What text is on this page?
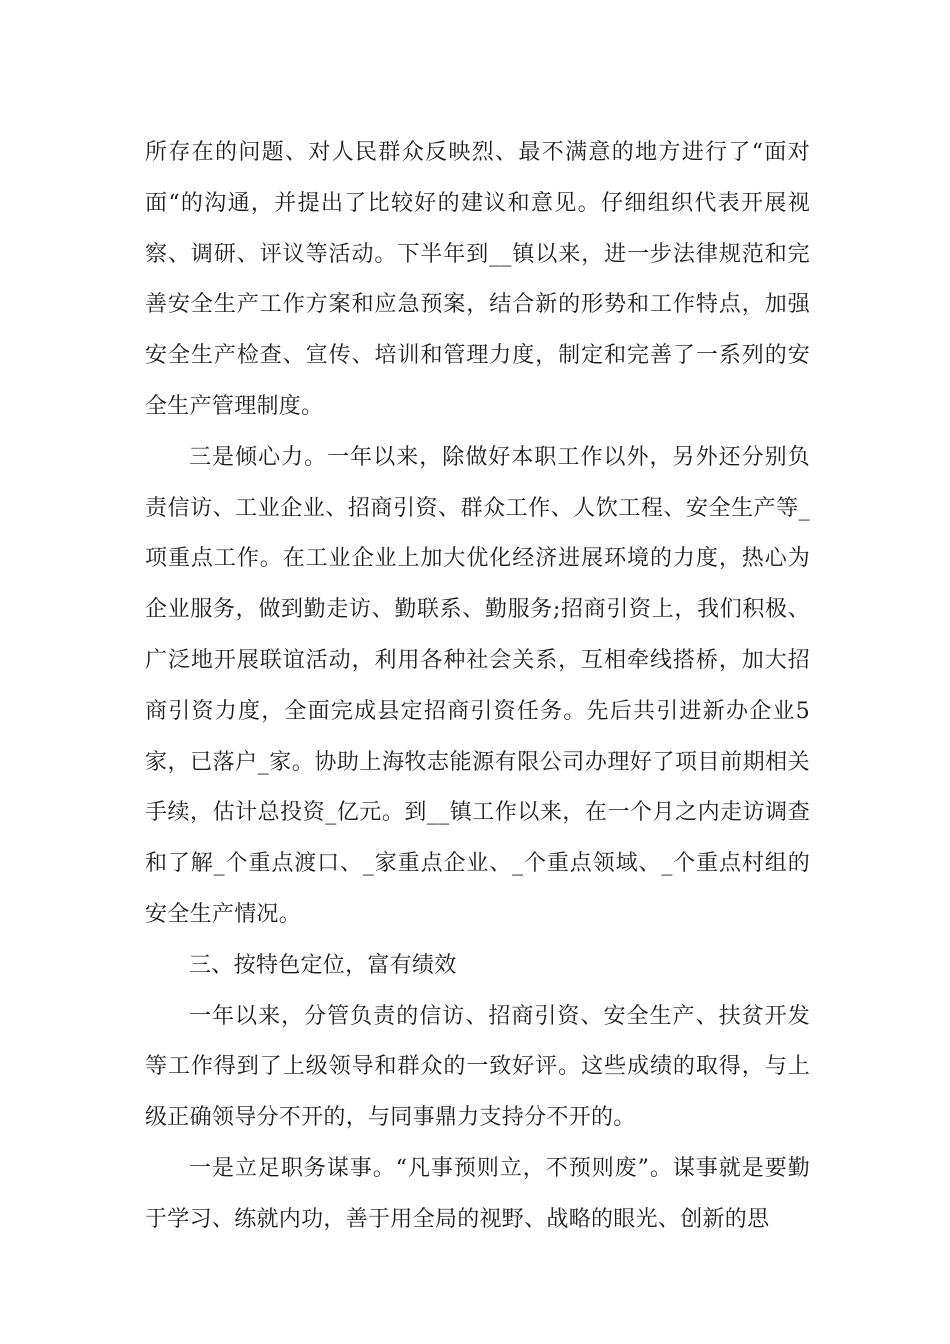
所存在的问题、对人民群众反映烈、最不满意的地方进行了“面对面“的沟通，并提出了比较好的建议和意见。仔细组织代表开展视察、调研、评议等活动。下半年到__镇以来，进一步法律规范和完善安全生产工作方案和应急预案，结合新的形势和工作特点，加强安全生产检查、宣传、培训和管理力度，制定和完善了一系列的安全生产管理制度。

三是倾心力。一年以来，除做好本职工作以外，另外还分别负责信访、工业企业、招商引资、群众工作、人饮工程、安全生产等_项重点工作。在工业企业上加大优化经济进展环境的力度，热心为企业服务，做到勤走访、勤联系、勤服务;招商引资上，我们积极、广泛地开展联谊活动，利用各种社会关系，互相牵线搭桥，加大招商引资力度，全面完成县定招商引资任务。先后共引进新办企业5家，已落户_家。协助上海牧志能源有限公司办理好了项目前期相关手续，估计总投资_亿元。到__镇工作以来，在一个月之内走访调查和了解_个重点渡口、_家重点企业、_个重点领域、_个重点村组的安全生产情况。

三、按特色定位，富有绩效

一年以来，分管负责的信访、招商引资、安全生产、扶贫开发等工作得到了上级领导和群众的一致好评。这些成绩的取得，与上级正确领导分不开的，与同事鼎力支持分不开的。

一是立足职务谋事。“凡事预则立，不预则废”。谋事就是要勤于学习、练就内功，善于用全局的视野、战略的眼光、创新的思
